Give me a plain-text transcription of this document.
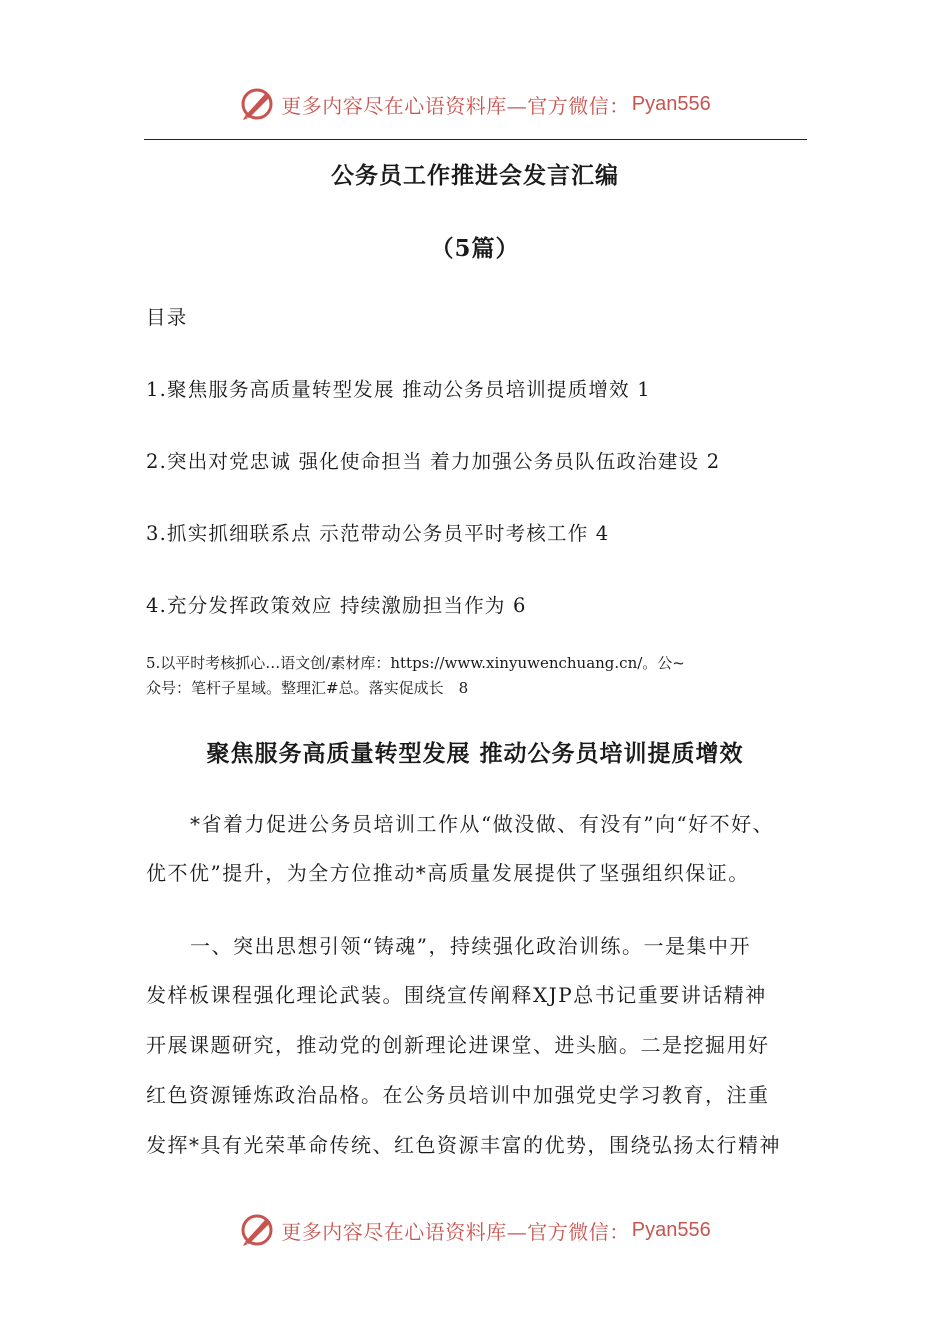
更多内容尽在心语资料库—官方微信： Pyan556
公务员工作推进会发言汇编
（5篇）
目录
1.聚焦服务高质量转型发展 推动公务员培训提质增效 1
2.突出对党忠诚 强化使命担当 着力加强公务员队伍政治建设 2
3.抓实抓细联系点 示范带动公务员平时考核工作 4
4.充分发挥政策效应 持续激励担当作为 6
5.以平时考核抓心…语文创/素材库：https://www.xinyuwenchuang.cn/。公~
众号：笔杆子星域。整理汇#总。落实促成长　8
聚焦服务高质量转型发展 推动公务员培训提质增效
*省着力促进公务员培训工作从“做没做、有没有”向“好不好、
优不优”提升，为全方位推动*高质量发展提供了坚强组织保证。
一、突出思想引领“铸魂”，持续强化政治训练。一是集中开
发样板课程强化理论武装。围绕宣传阐释XJP总书记重要讲话精神
开展课题研究，推动党的创新理论进课堂、进头脑。二是挖掘用好
红色资源锤炼政治品格。在公务员培训中加强党史学习教育，注重
发挥*具有光荣革命传统、红色资源丰富的优势，围绕弘扬太行精神
更多内容尽在心语资料库—官方微信： Pyan556
